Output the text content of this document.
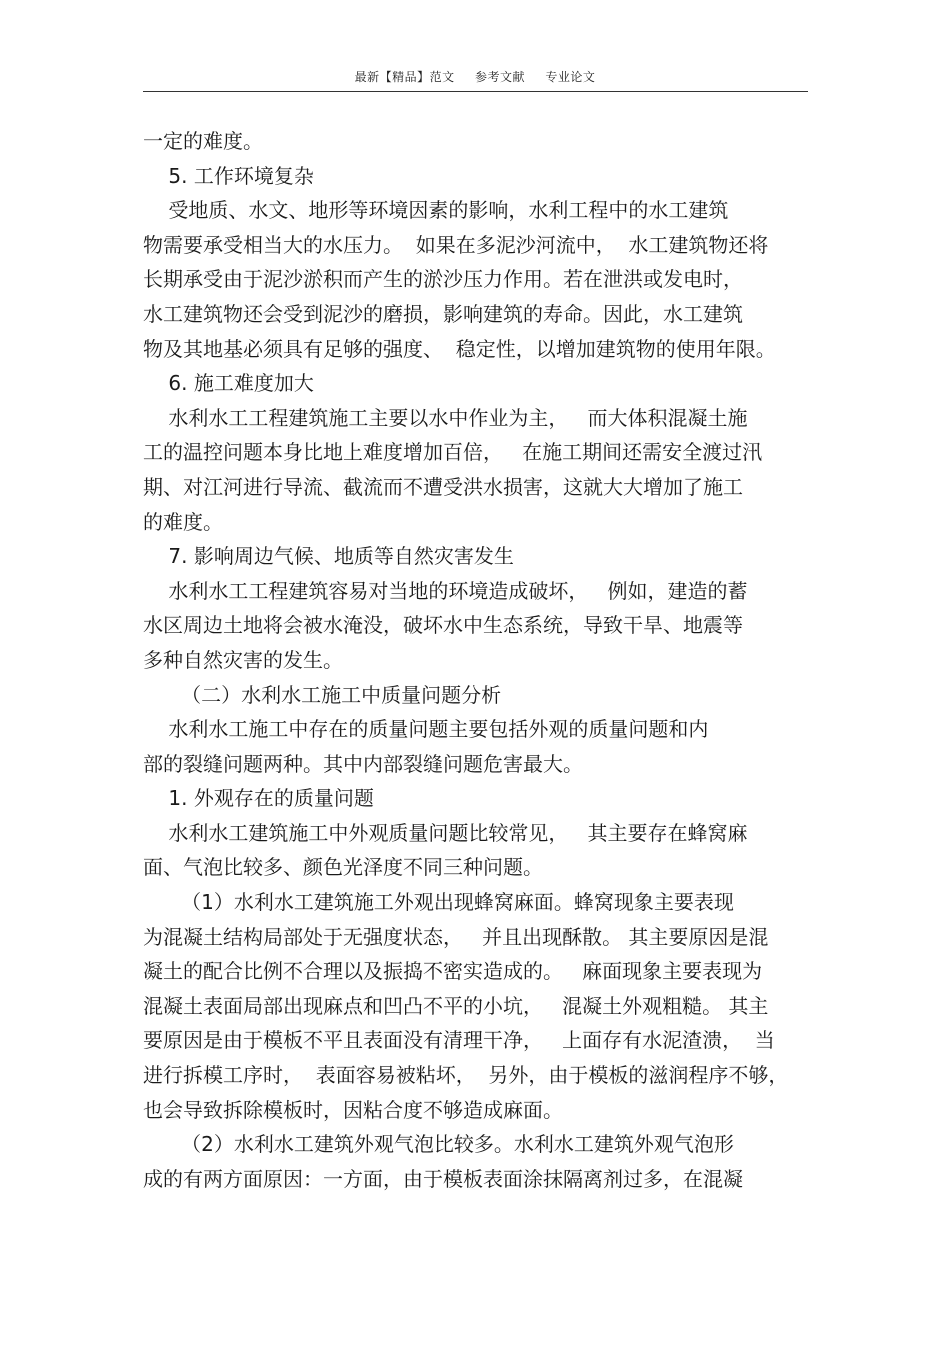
最新【精品】范文 参考文献 专业论文
一定的难度。
5. 工作环境复杂
受地质、水文、地形等环境因素的影响，水利工程中的水工建筑
物需要承受相当大的水压力。  如果在多泥沙河流中，  水工建筑物还将
长期承受由于泥沙淤积而产生的淤沙压力作用。若在泄洪或发电时，
水工建筑物还会受到泥沙的磨损，影响建筑的寿命。因此，水工建筑
物及其地基必须具有足够的强度、  稳定性，以增加建筑物的使用年限。
6. 施工难度加大
水利水工工程建筑施工主要以水中作业为主，   而大体积混凝土施
工的温控问题本身比地上难度增加百倍，   在施工期间还需安全渡过汛
期、对江河进行导流、截流而不遭受洪水损害，这就大大增加了施工
的难度。
7. 影响周边气候、地质等自然灾害发生
水利水工工程建筑容易对当地的环境造成破坏，   例如，建造的蓄
水区周边土地将会被水淹没，破坏水中生态系统，导致干旱、地震等
多种自然灾害的发生。
（二）水利水工施工中质量问题分析
水利水工施工中存在的质量问题主要包括外观的质量问题和内
部的裂缝问题两种。其中内部裂缝问题危害最大。
1. 外观存在的质量问题
水利水工建筑施工中外观质量问题比较常见，   其主要存在蜂窝麻
面、气泡比较多、颜色光泽度不同三种问题。
（1）水利水工建筑施工外观出现蜂窝麻面。蜂窝现象主要表现
为混凝土结构局部处于无强度状态，   并且出现酥散。 其主要原因是混
凝土的配合比例不合理以及振捣不密实造成的。   麻面现象主要表现为
混凝土表面局部出现麻点和凹凸不平的小坑，   混凝土外观粗糙。 其主
要原因是由于模板不平且表面没有清理干净，   上面存有水泥渣溃，  当
进行拆模工序时，  表面容易被粘坏，  另外，由于模板的滋润程序不够，
也会导致拆除模板时，因粘合度不够造成麻面。
（2）水利水工建筑外观气泡比较多。水利水工建筑外观气泡形
成的有两方面原因：一方面，由于模板表面涂抹隔离剂过多，在混凝
